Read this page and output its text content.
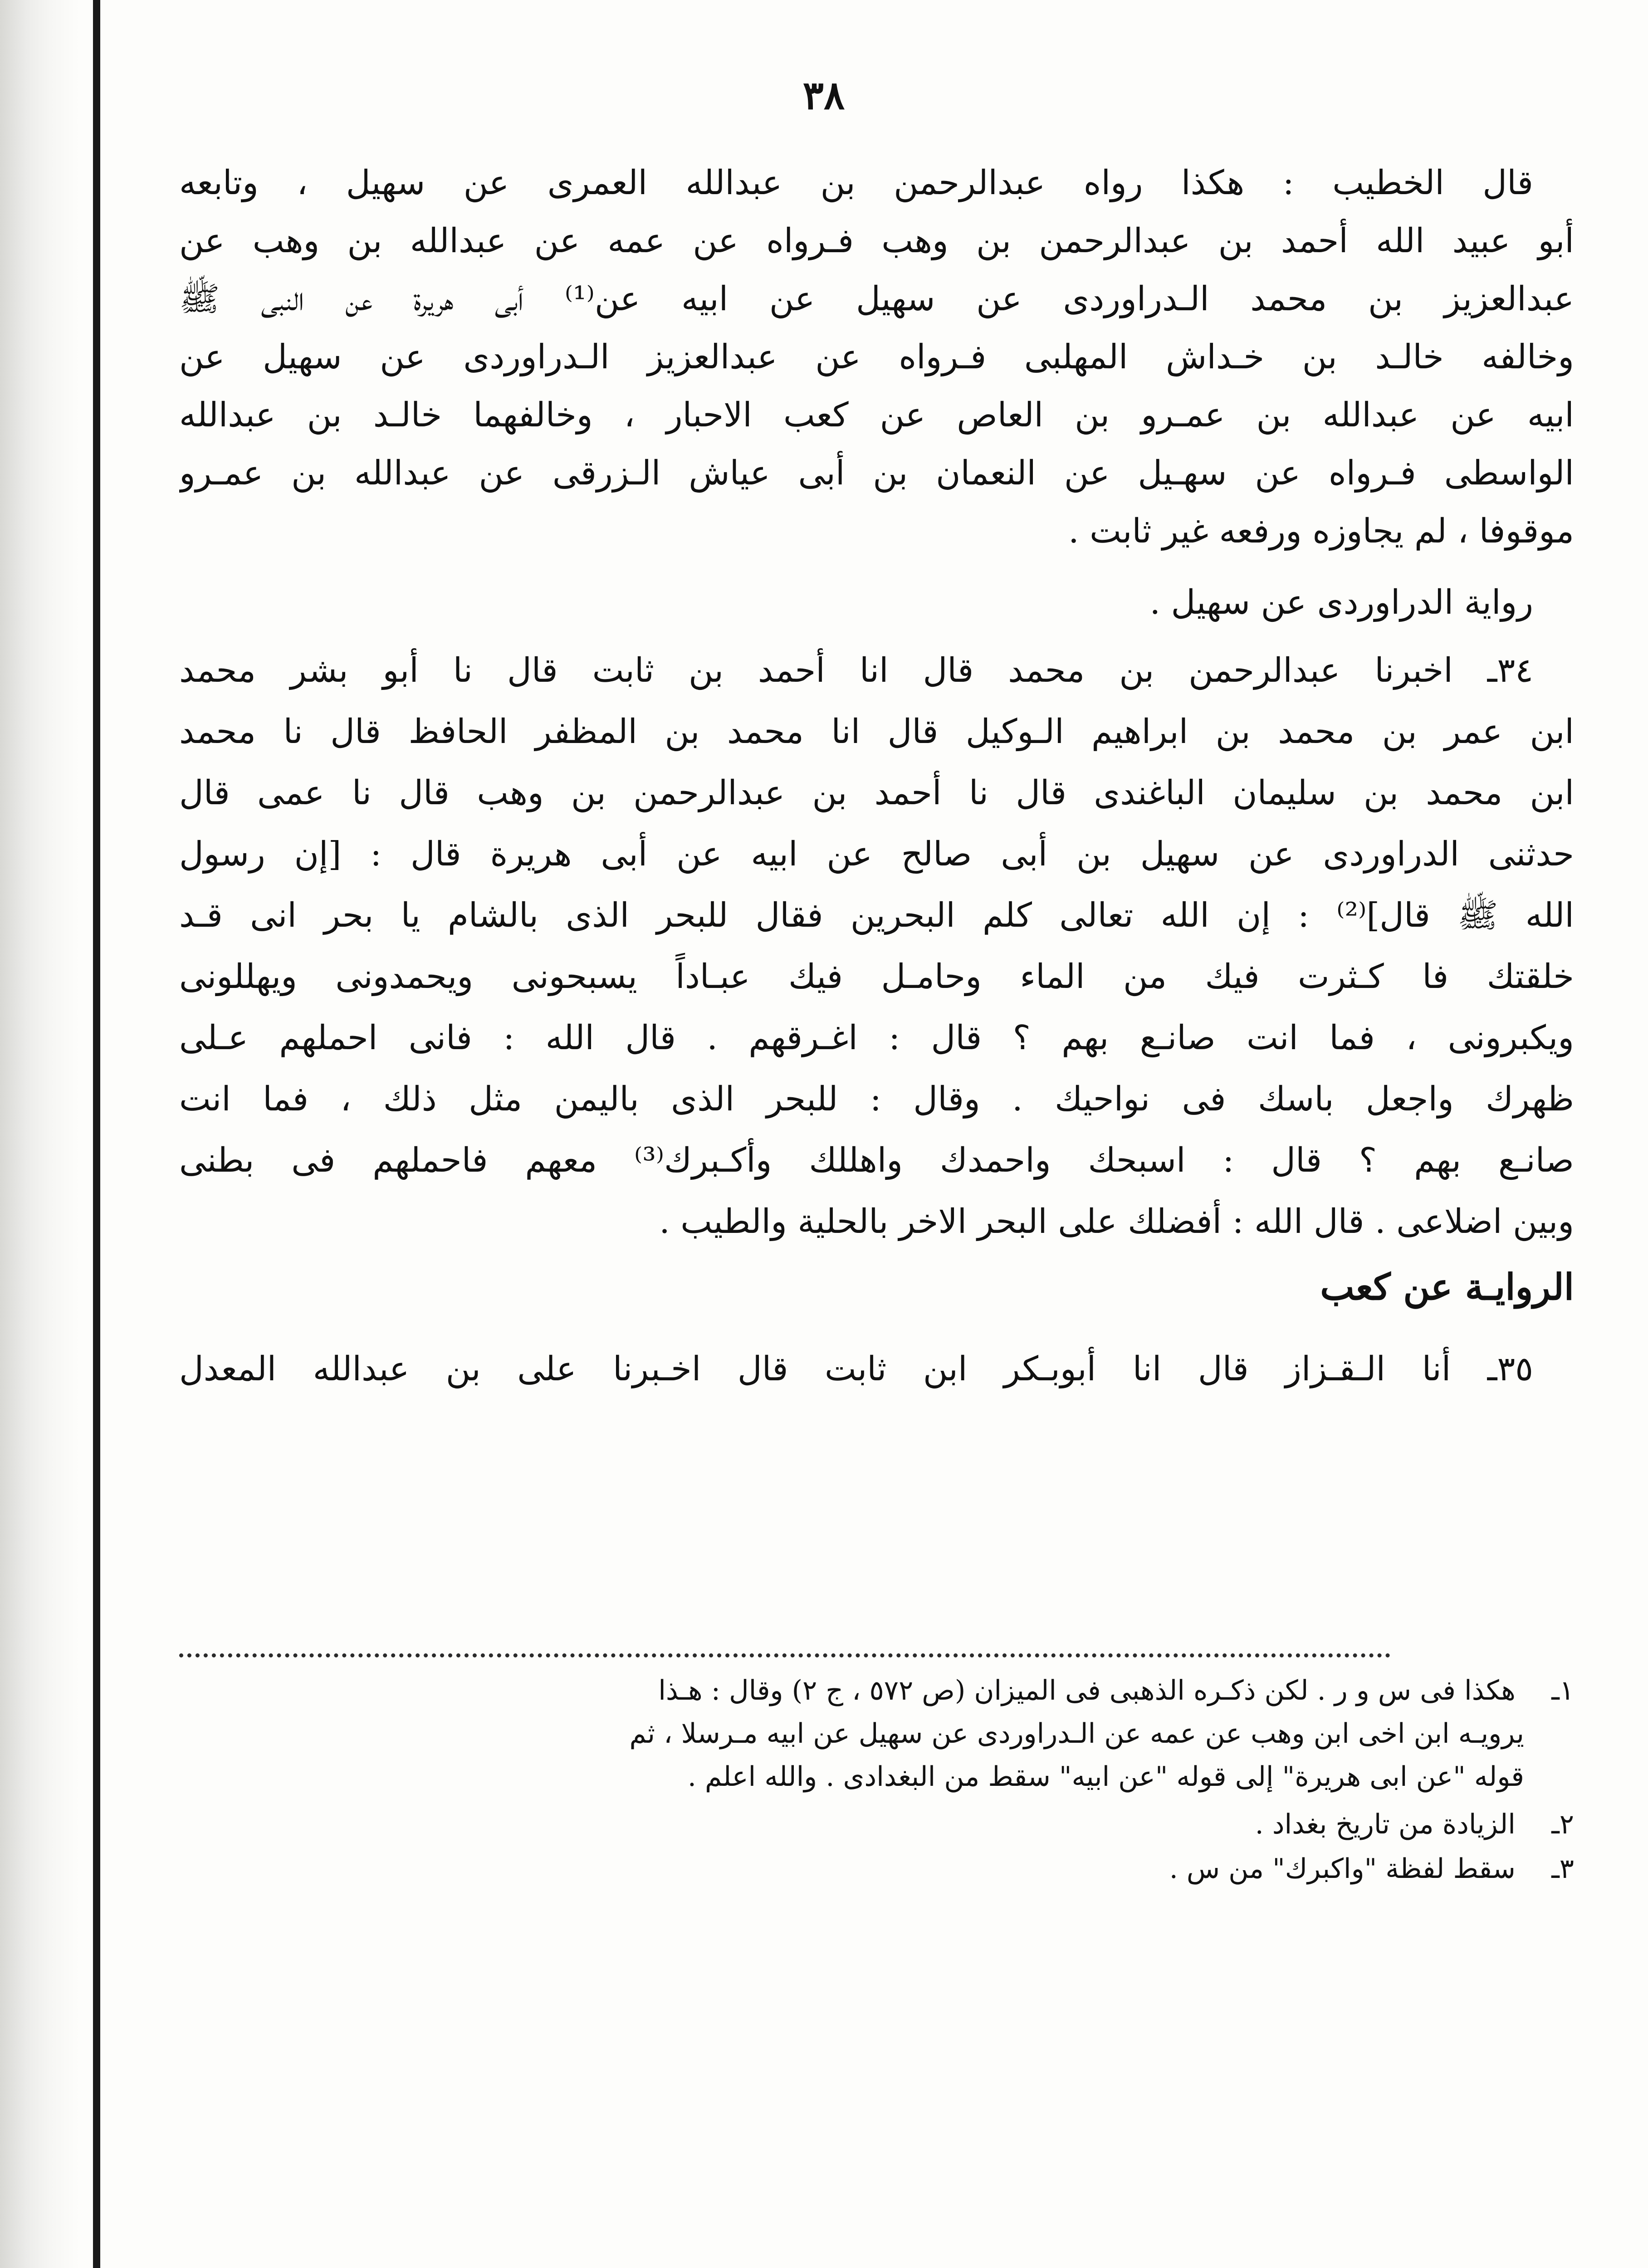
٣٨
قال الخطيب : هكذا رواه عبدالرحمن بن عبدالله العمرى عن سهيل ، وتابعه
أبو عبيد الله أحمد بن عبدالرحمن بن وهب فـرواه عن عمه عن عبدالله بن وهب عن
عبدالعزيز بن محمد الـدراوردى عن سهيل عن ابيه عن⁽¹⁾ أبى هريرة عن النبى ﷺ
وخالفه خالـد بن خـداش المهلبى فـرواه عن عبدالعزيز الـدراوردى عن سهيل عن
ابيه عن عبدالله بن عمـرو بن العاص عن كعب الاحبار ، وخالفهما خالـد بن عبدالله
الواسطى فـرواه عن سهـيل عن النعمان بن أبى عياش الـزرقى عن عبدالله بن عمـرو
موقوفا ، لم يجاوزه ورفعه غير ثابت .
رواية الدراوردى عن سهيل .
٣٤ـ اخبرنا عبدالرحمن بن محمد قال انا أحمد بن ثابت قال نا أبو بشر محمد
ابن عمر بن محمد بن ابراهيم الـوكيل قال انا محمد بن المظفر الحافظ قال نا محمد
ابن محمد بن سليمان الباغندى قال نا أحمد بن عبدالرحمن بن وهب قال نا عمى قال
حدثنى الدراوردى عن سهيل بن أبى صالح عن ابيه عن أبى هريرة قال : [إن رسول
الله ﷺ قال]⁽²⁾ : إن الله تعالى كلم البحرين فقال للبحر الذى بالشام يا بحر انى قـد
خلقتك فا كـثرت فيك من الماء وحامـل فيك عبـاداً يسبحونى ويحمدونى ويهللونى
ويكبرونى ، فما انت صانـع بهم ؟ قال : اغـرقهم . قال الله : فانى احملهم عـلى
ظهرك واجعل باسك فى نواحيك . وقال : للبحر الذى باليمن مثل ذلك ، فما انت
صانـع بهم ؟ قال : اسبحك واحمدك واهللك وأكـبرك⁽³⁾ معهم فاحملهم فى بطنى
وبين اضلاعى . قال الله : أفضلك على البحر الاخر بالحلية والطيب .
الروايـة عن كعب
٣٥ـ أنا الـقـزاز قال انا أبوبـكر ابن ثابت قال اخـبرنا على بن عبدالله المعدل
١ـ هكذا فى س و ر . لكن ذكـره الذهبى فى الميزان (ص ٥٧٢ ، ج ٢) وقال : هـذا
يرويـه ابن اخى ابن وهب عن عمه عن الـدراوردى عن سهيل عن ابيه مـرسلا ، ثم
قوله "عن ابى هريرة" إلى قوله "عن ابيه" سقط من البغدادى . والله اعلم .
٢ـ الزيادة من تاريخ بغداد .
٣ـ سقط لفظة "واكبرك" من س .
